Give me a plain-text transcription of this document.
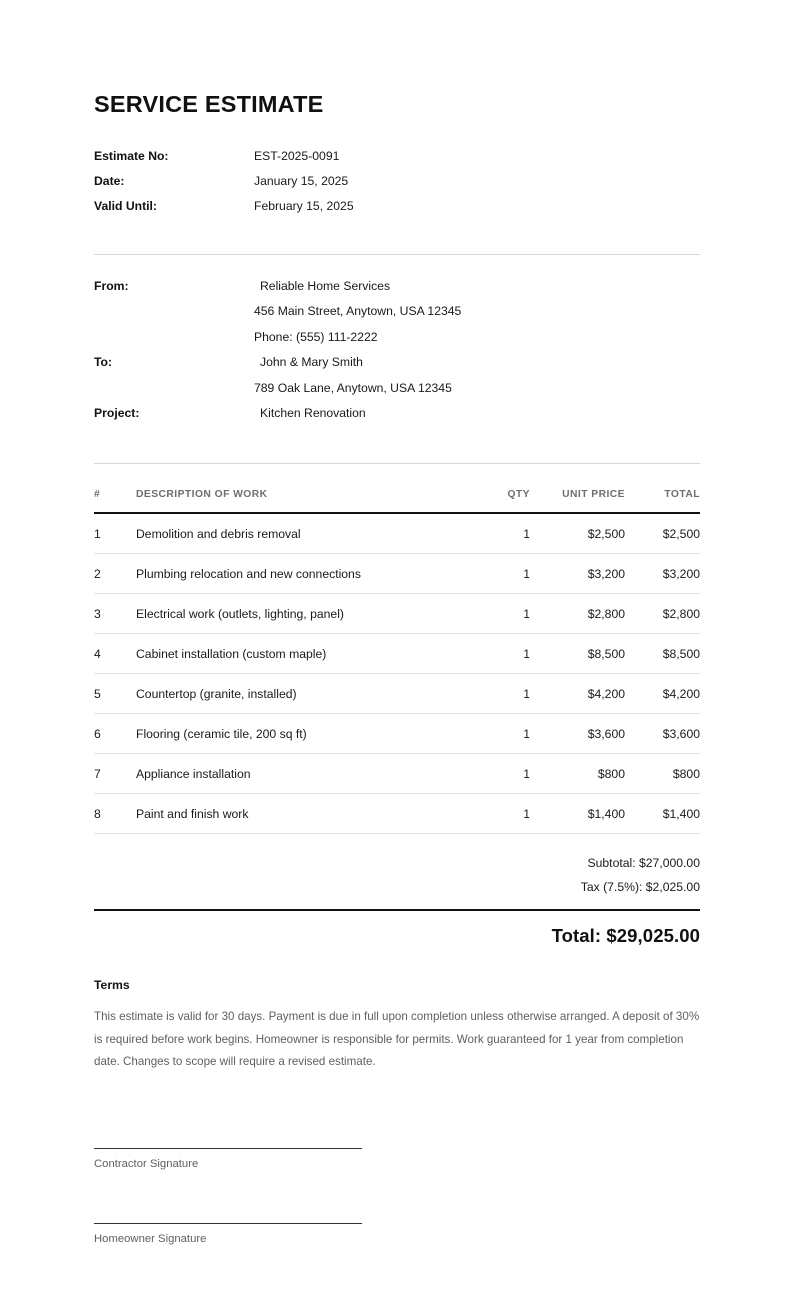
SERVICE ESTIMATE
Estimate No:	EST-2025-0091
Date:	January 15, 2025
Valid Until:	February 15, 2025
From:	Reliable Home Services
456 Main Street, Anytown, USA 12345
Phone: (555) 111-2222
To:	John & Mary Smith
789 Oak Lane, Anytown, USA 12345
Project:	Kitchen Renovation
#	DESCRIPTION OF WORK	QTY	UNIT PRICE	TOTAL
1	Demolition and debris removal	1	$2,500	$2,500
2	Plumbing relocation and new connections	1	$3,200	$3,200
3	Electrical work (outlets, lighting, panel)	1	$2,800	$2,800
4	Cabinet installation (custom maple)	1	$8,500	$8,500
5	Countertop (granite, installed)	1	$4,200	$4,200
6	Flooring (ceramic tile, 200 sq ft)	1	$3,600	$3,600
7	Appliance installation	1	$800	$800
8	Paint and finish work	1	$1,400	$1,400
Subtotal: $27,000.00
Tax (7.5%): $2,025.00
Total: $29,025.00
Terms

This estimate is valid for 30 days. Payment is due in full upon completion unless otherwise arranged. A deposit of 30% is required before work begins. Homeowner is responsible for permits. Work guaranteed for 1 year from completion date. Changes to scope will require a revised estimate.

Contractor Signature

Homeowner Signature
